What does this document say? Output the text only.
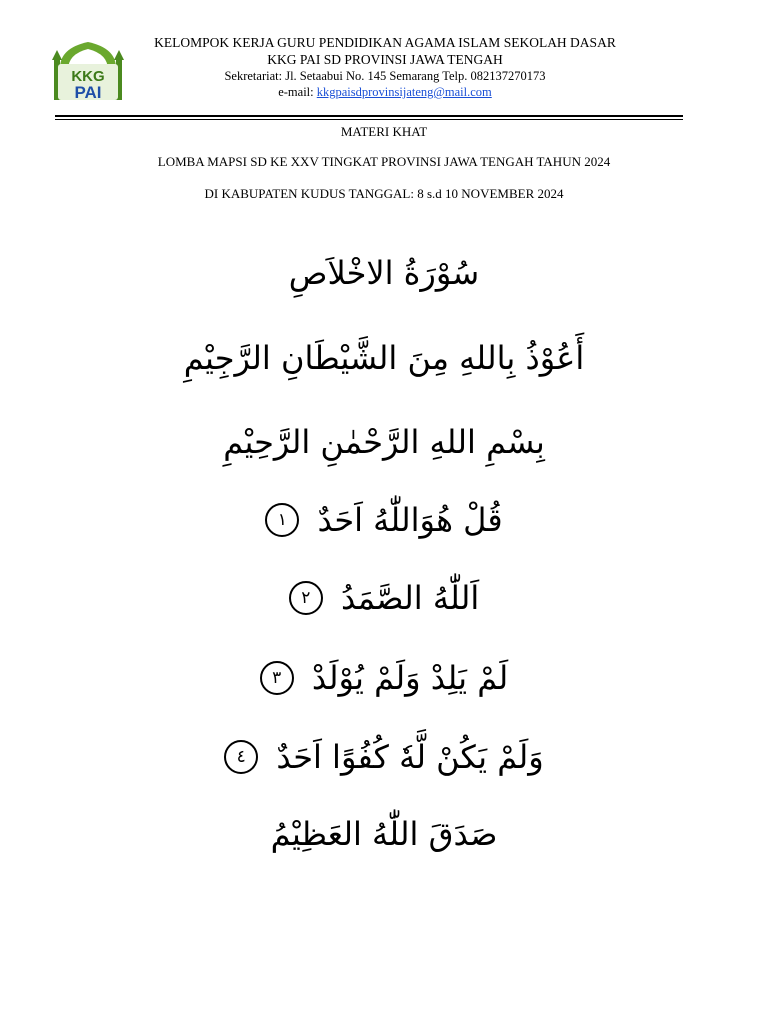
KKG
PAI
KELOMPOK KERJA GURU PENDIDIKAN AGAMA ISLAM SEKOLAH DASAR
KKG PAI SD PROVINSI JAWA TENGAH
Sekretariat: Jl. Setaabui No. 145 Semarang Telp. 082137270173
e-mail: kkgpaisdprovinsijateng@mail.com
MATERI KHAT
LOMBA MAPSI SD KE XXV TINGKAT PROVINSI JAWA TENGAH TAHUN 2024
DI KABUPATEN KUDUS TANGGAL: 8 s.d 10 NOVEMBER 2024
سُوْرَةُ الاخْلاَصِ
أَعُوْذُ بِاللهِ مِنَ الشَّيْطَانِ الرَّجِيْمِ
بِسْمِ اللهِ الرَّحْمٰنِ الرَّحِيْمِ
قُلْ هُوَاللّٰهُ اَحَدٌ ١
اَللّٰهُ الصَّمَدُ ٢
لَمْ يَلِدْ وَلَمْ يُوْلَدْ ٣
وَلَمْ يَكُنْ لَّهٗ كُفُوًا اَحَدٌ ٤
صَدَقَ اللّٰهُ العَظِيْمُ
